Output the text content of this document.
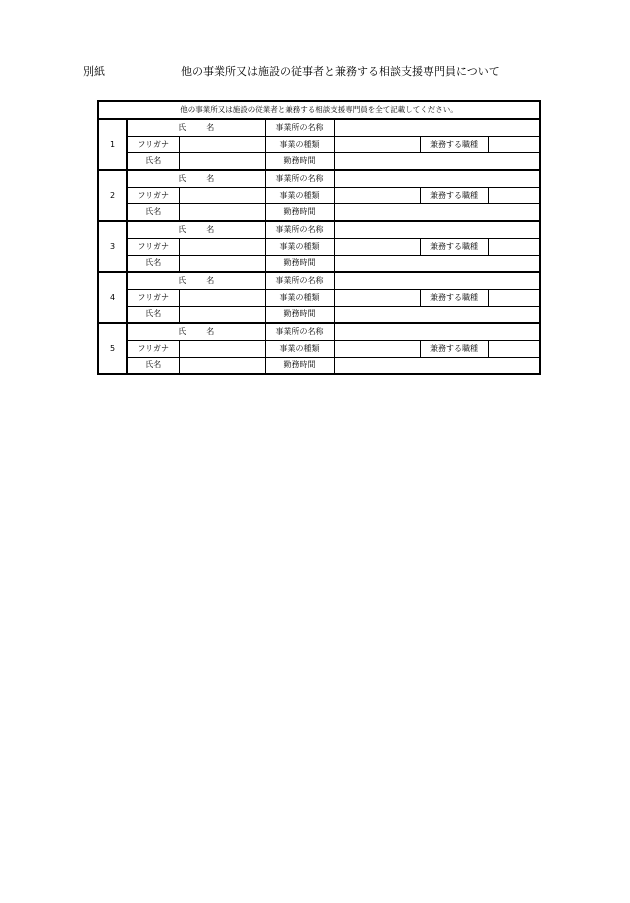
別紙	他の事業所又は施設の従事者と兼務する相談支援専門員について
他の事業所又は施設の従業者と兼務する相談支援専門員を全て記載してください。						
1	氏 名		事業所の名称			
	フリガナ		事業の種類		兼務する職種	
	氏名		勤務時間			
2	氏 名		事業所の名称			
	フリガナ		事業の種類		兼務する職種	
	氏名		勤務時間			
3	氏 名		事業所の名称			
	フリガナ		事業の種類		兼務する職種	
	氏名		勤務時間			
4	氏 名		事業所の名称			
	フリガナ		事業の種類		兼務する職種	
	氏名		勤務時間			
5	氏 名		事業所の名称			
	フリガナ		事業の種類		兼務する職種	
	氏名		勤務時間			
